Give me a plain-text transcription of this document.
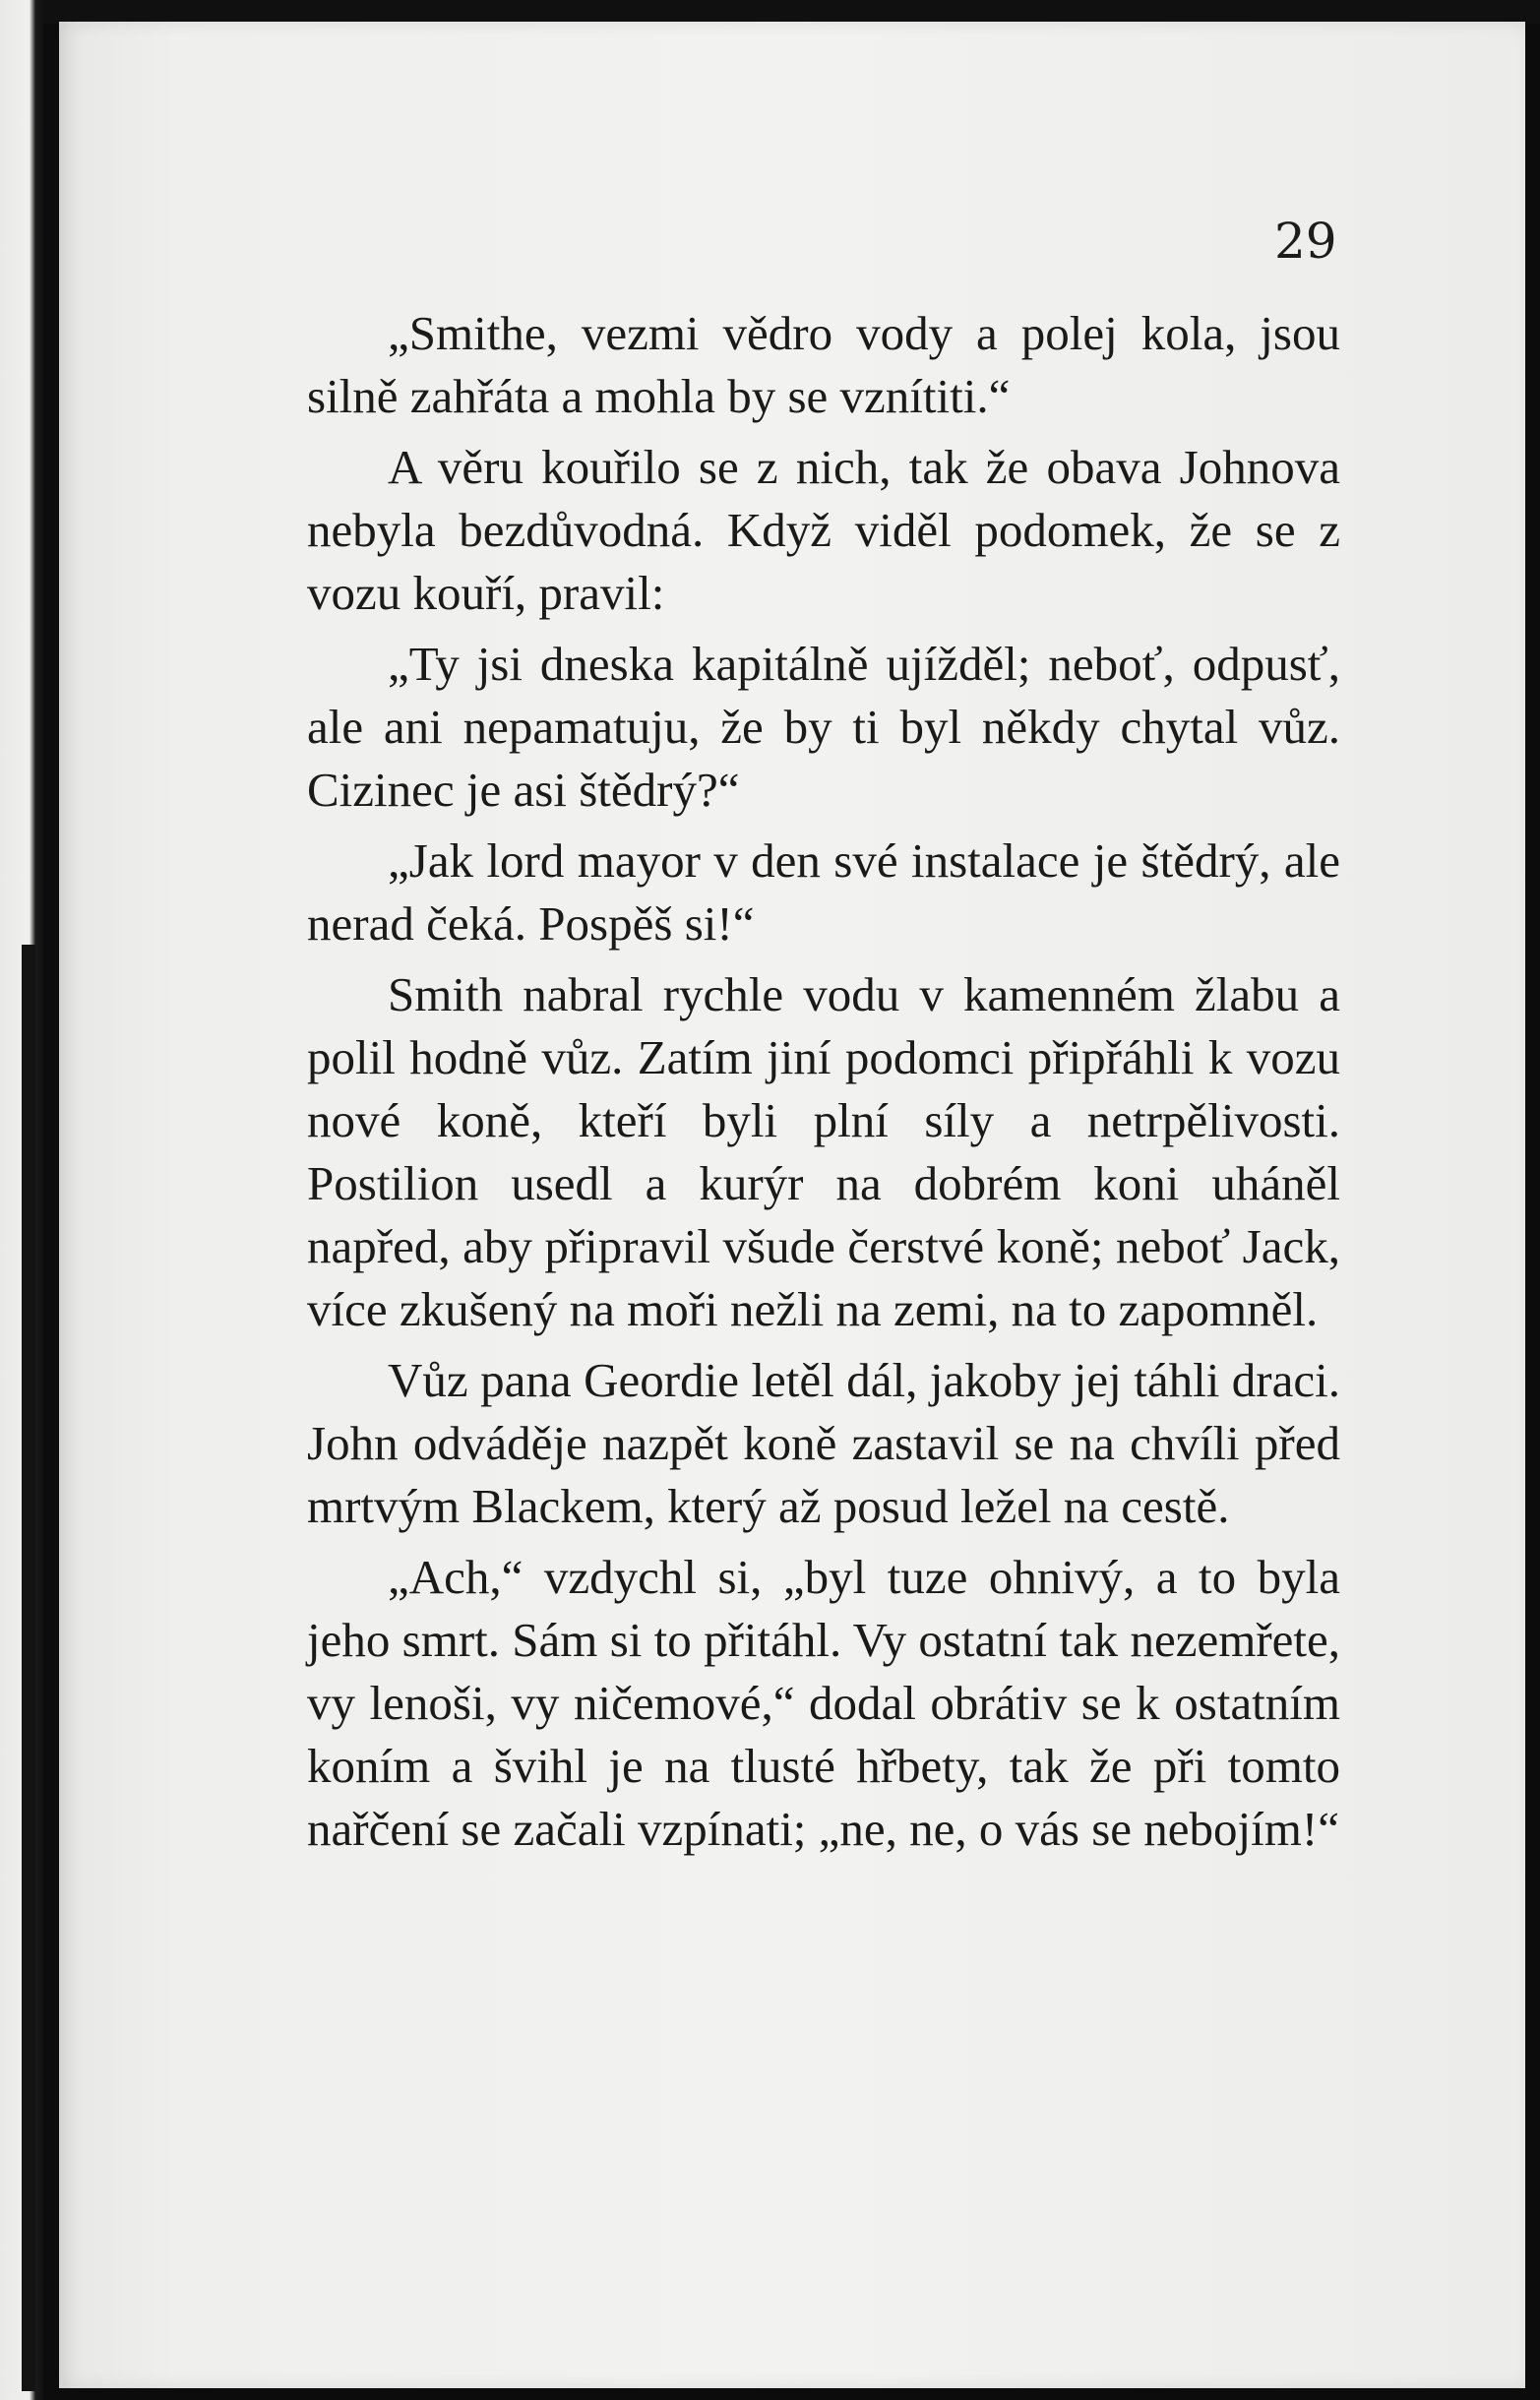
29

„Smithe, vezmi vědro vody a polej kola, jsou silně zahřáta a mohla by se vznítiti.“

A věru kouřilo se z nich, tak že obava Johnova nebyla bezdůvodná. Když viděl podomek, že se z vozu kouří, pravil:

„Ty jsi dneska kapitálně ujížděl; neboť, odpusť, ale ani nepamatuju, že by ti byl někdy chytal vůz. Cizinec je asi štědrý?“

„Jak lord mayor v den své instalace je štědrý, ale nerad čeká. Pospěš si!“

Smith nabral rychle vodu v kamenném žlabu a polil hodně vůz. Zatím jiní podomci připřáhli k vozu nové koně, kteří byli plní síly a netrpělivosti. Postilion usedl a kurýr na dobrém koni uháněl napřed, aby připravil všude čerstvé koně; neboť Jack, více zkušený na moři nežli na zemi, na to zapomněl.

Vůz pana Geordie letěl dál, jakoby jej táhli draci. John odváděje nazpět koně zastavil se na chvíli před mrtvým Blackem, který až posud ležel na cestě.

„Ach,“ vzdychl si, „byl tuze ohnivý, a to byla jeho smrt. Sám si to přitáhl. Vy ostatní tak nezemřete, vy lenoši, vy ničemové,“ dodal obrátiv se k ostatním koním a švihl je na tlusté hřbety, tak že při tomto nařčení se začali vzpínati; „ne, ne, o vás se nebojím!“
